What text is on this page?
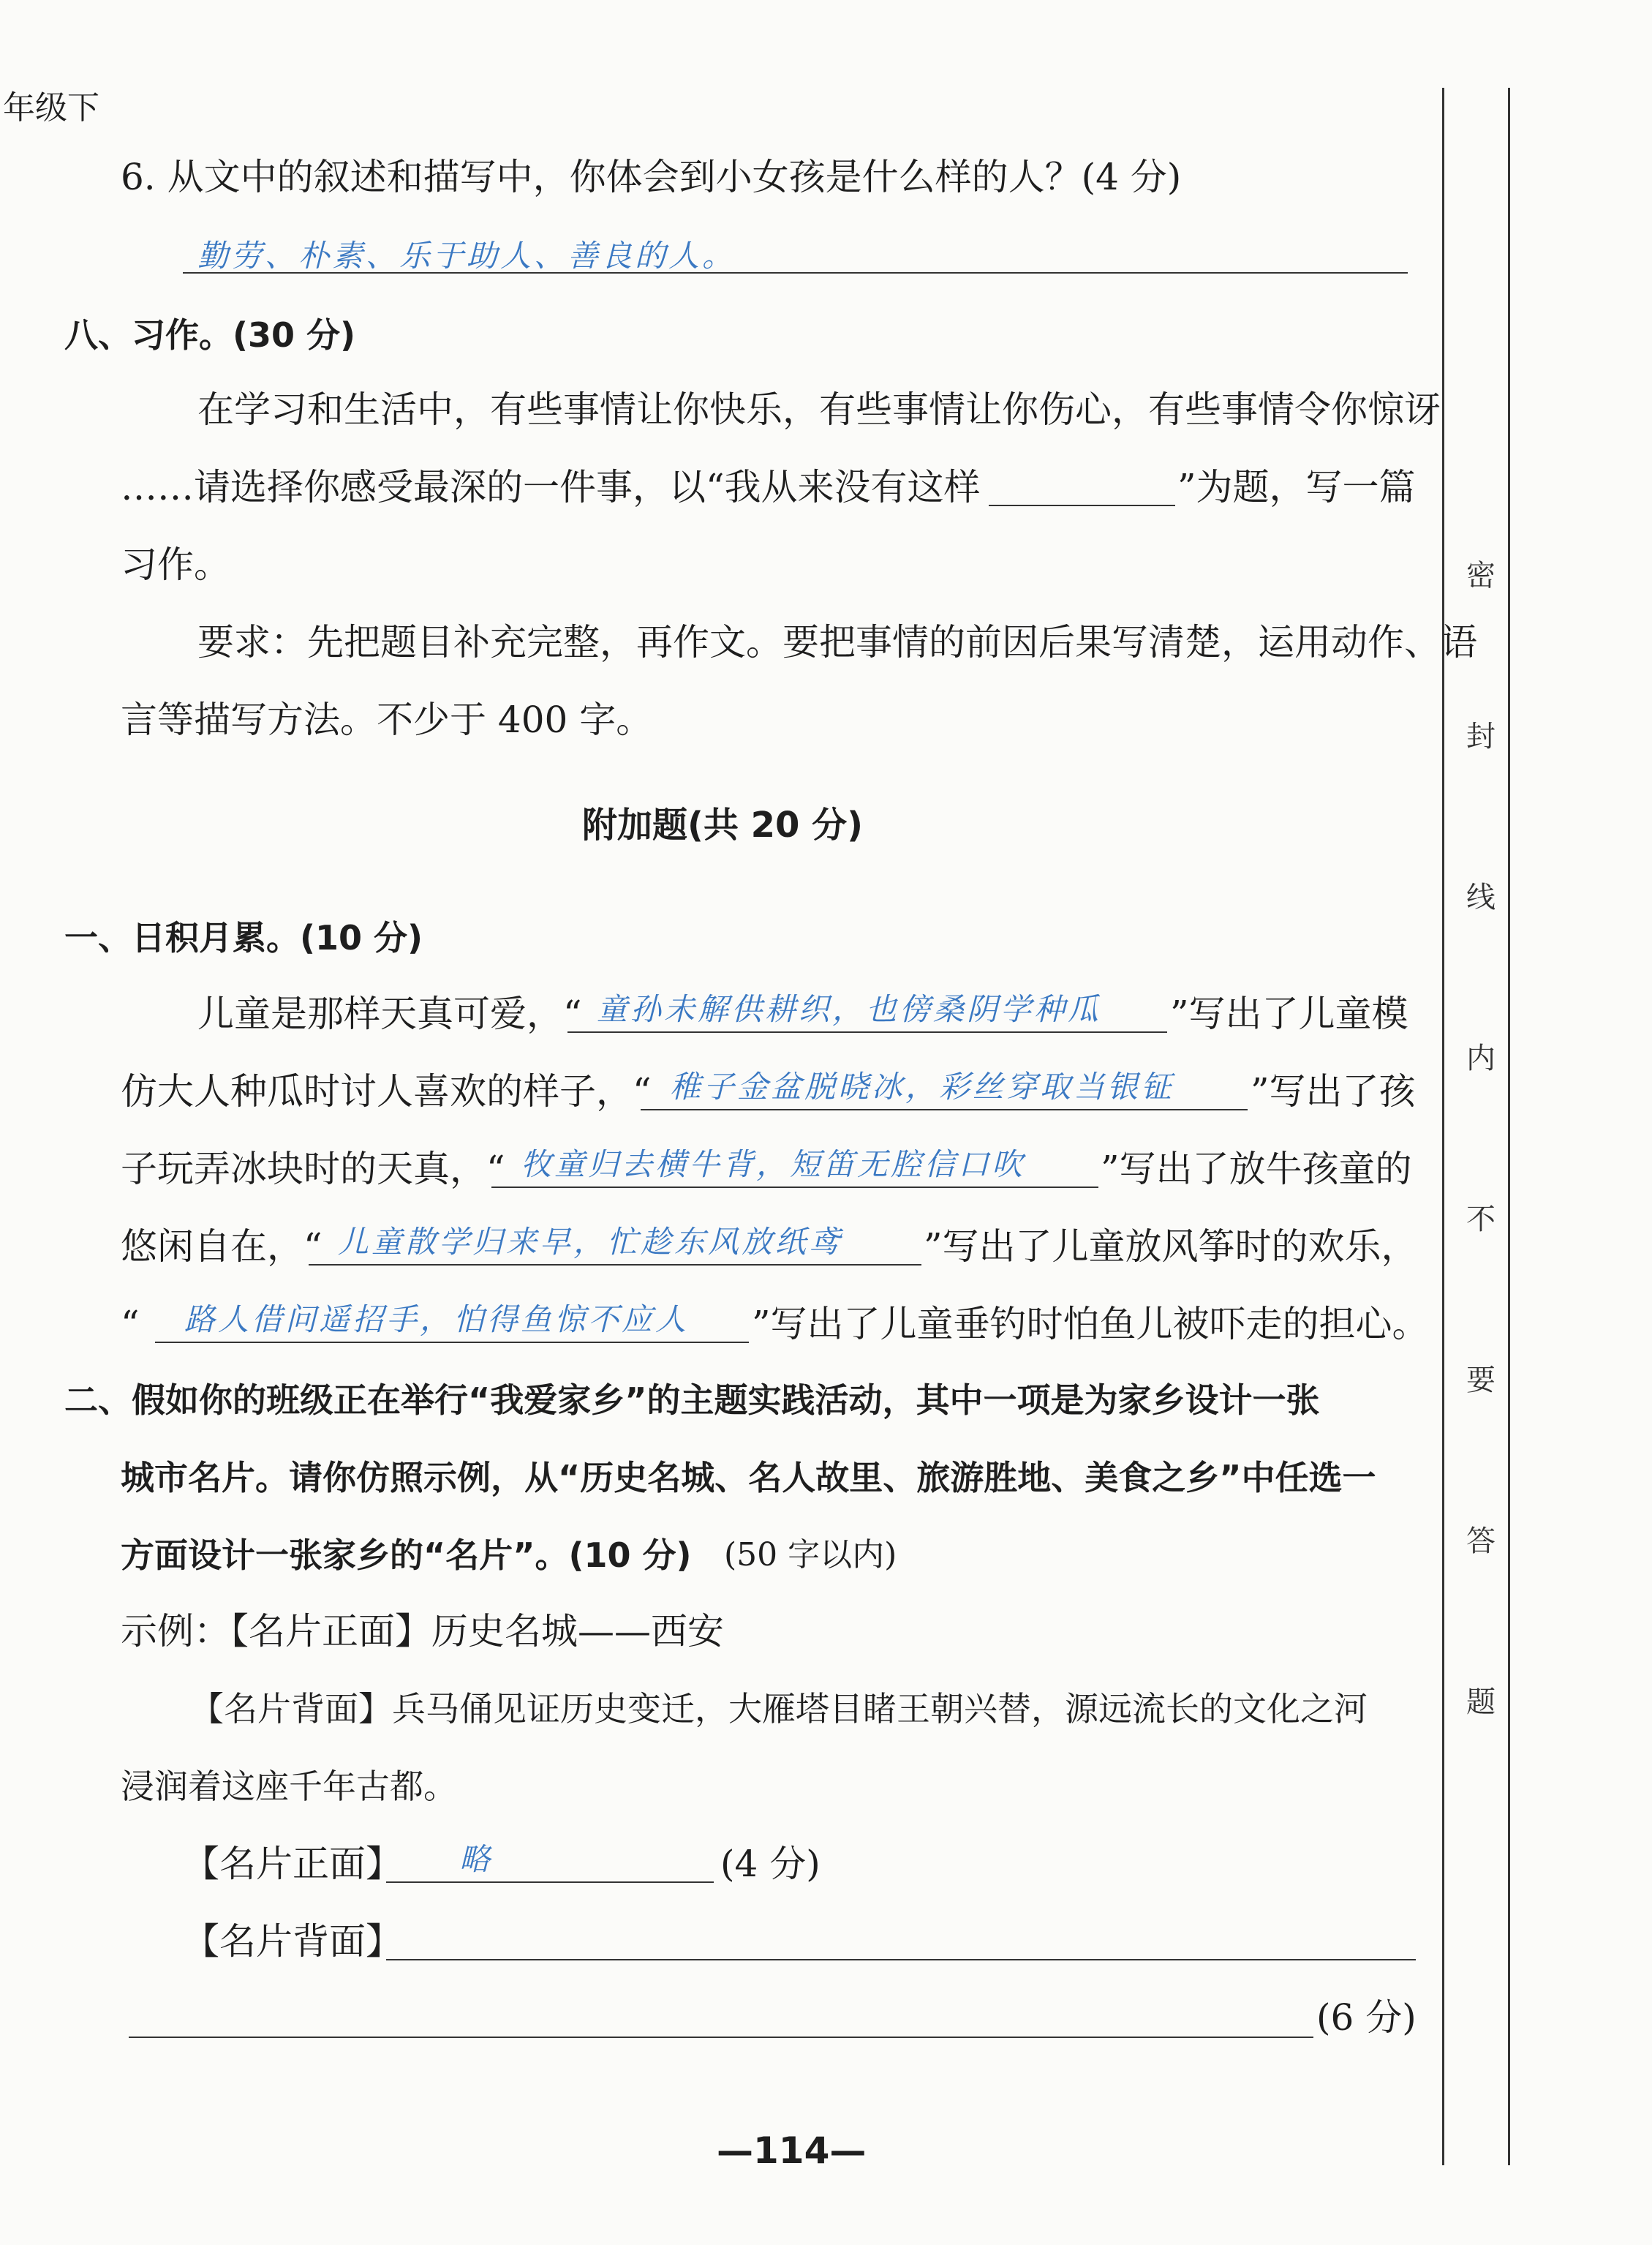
年级下
6. 从文中的叙述和描写中，你体会到小女孩是什么样的人？(4 分)
勤劳、朴素、乐于助人、善良的人。
八、习作。(30 分)
在学习和生活中，有些事情让你快乐，有些事情让你伤心，有些事情令你惊讶
……请选择你感受最深的一件事，以“我从来没有这样	”为题，写一篇
习作。
要求：先把题目补充完整，再作文。要把事情的前因后果写清楚，运用动作、语
言等描写方法。不少于 400 字。
附加题(共 20 分)
一、日积月累。(10 分)
儿童是那样天真可爱，“ 童孙未解供耕织，也傍桑阴学种瓜 ”写出了儿童模
仿大人种瓜时讨人喜欢的样子，“ 稚子金盆脱晓冰，彩丝穿取当银钲 ”写出了孩
子玩弄冰块时的天真，“ 牧童归去横牛背，短笛无腔信口吹 ”写出了放牛孩童的
悠闲自在，“ 儿童散学归来早，忙趁东风放纸鸢 ”写出了儿童放风筝时的欢乐，
“ 路人借问遥招手，怕得鱼惊不应人 ”写出了儿童垂钓时怕鱼儿被吓走的担心。
二、假如你的班级正在举行“我爱家乡”的主题实践活动，其中一项是为家乡设计一张
城市名片。请你仿照示例，从“历史名城、名人故里、旅游胜地、美食之乡”中任选一
方面设计一张家乡的“名片”。(10 分) (50 字以内)
示例：【名片正面】历史名城——西安
【名片背面】兵马俑见证历史变迁，大雁塔目睹王朝兴替，源远流长的文化之河
浸润着这座千年古都。
【名片正面】 略	(4 分)
【名片背面】
(6 分)
—114—
密
封
线
内
不
要
答
题
